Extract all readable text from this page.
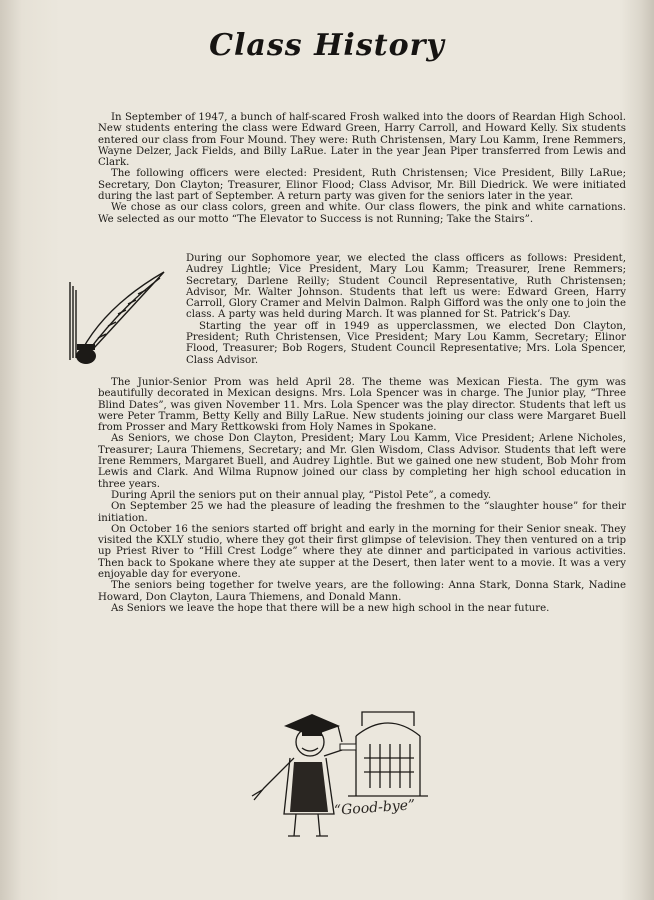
Class History

In September of 1947, a bunch of half-scared Frosh walked into the doors of Reardan High School. New students entering the class were Edward Green, Harry Carroll, and Howard Kelly. Six students entered our class from Four Mound. They were: Ruth Christensen, Mary Lou Kamm, Irene Remmers, Wayne Delzer, Jack Fields, and Billy LaRue. Later in the year Jean Piper transferred from Lewis and Clark.

The following officers were elected: President, Ruth Christensen; Vice President, Billy LaRue; Secretary, Don Clayton; Treasurer, Elinor Flood; Class Advisor, Mr. Bill Diedrick. We were initiated during the last part of September. A return party was given for the seniors later in the year.

We chose as our class colors, green and white. Our class flowers, the pink and white carnations. We selected as our motto “The Elevator to Success is not Running; Take the Stairs”.

During our Sophomore year, we elected the class officers as follows: President, Audrey Lightle; Vice President, Mary Lou Kamm; Treasurer, Irene Remmers; Secretary, Darlene Reilly; Student Council Representative, Ruth Christensen; Advisor, Mr. Walter Johnson. Students that left us were: Edward Green, Harry Carroll, Glory Cramer and Melvin Dalmon. Ralph Gifford was the only one to join the class. A party was held during March. It was planned for St. Patrick’s Day.

Starting the year off in 1949 as upperclassmen, we elected Don Clayton, President; Ruth Christensen, Vice President; Mary Lou Kamm, Secretary; Elinor Flood, Treasurer; Bob Rogers, Student Council Representative; Mrs. Lola Spencer, Class Advisor.

The Junior-Senior Prom was held April 28. The theme was Mexican Fiesta. The gym was beautifully decorated in Mexican designs. Mrs. Lola Spencer was in charge. The Junior play, “Three Blind Dates”, was given November 11. Mrs. Lola Spencer was the play director. Students that left us were Peter Tramm, Betty Kelly and Billy LaRue. New students joining our class were Margaret Buell from Prosser and Mary Rettkowski from Holy Names in Spokane.

As Seniors, we chose Don Clayton, President; Mary Lou Kamm, Vice President; Arlene Nicholes, Treasurer; Laura Thiemens, Secretary; and Mr. Glen Wisdom, Class Advisor. Students that left were Irene Remmers, Margaret Buell, and Audrey Lightle. But we gained one new student, Bob Mohr from Lewis and Clark. And Wilma Rupnow joined our class by completing her high school education in three years.

During April the seniors put on their annual play, “Pistol Pete”, a comedy.

On September 25 we had the pleasure of leading the freshmen to the “slaughter house” for their initiation.

On October 16 the seniors started off bright and early in the morning for their Senior sneak. They visited the KXLY studio, where they got their first glimpse of television. They then ventured on a trip up Priest River to “Hill Crest Lodge” where they ate dinner and participated in various activities. Then back to Spokane where they ate supper at the Desert, then later went to a movie. It was a very enjoyable day for everyone.

The seniors being together for twelve years, are the following: Anna Stark, Donna Stark, Nadine Howard, Don Clayton, Laura Thiemens, and Donald Mann.

As Seniors we leave the hope that there will be a new high school in the near future.

“Good-bye”
